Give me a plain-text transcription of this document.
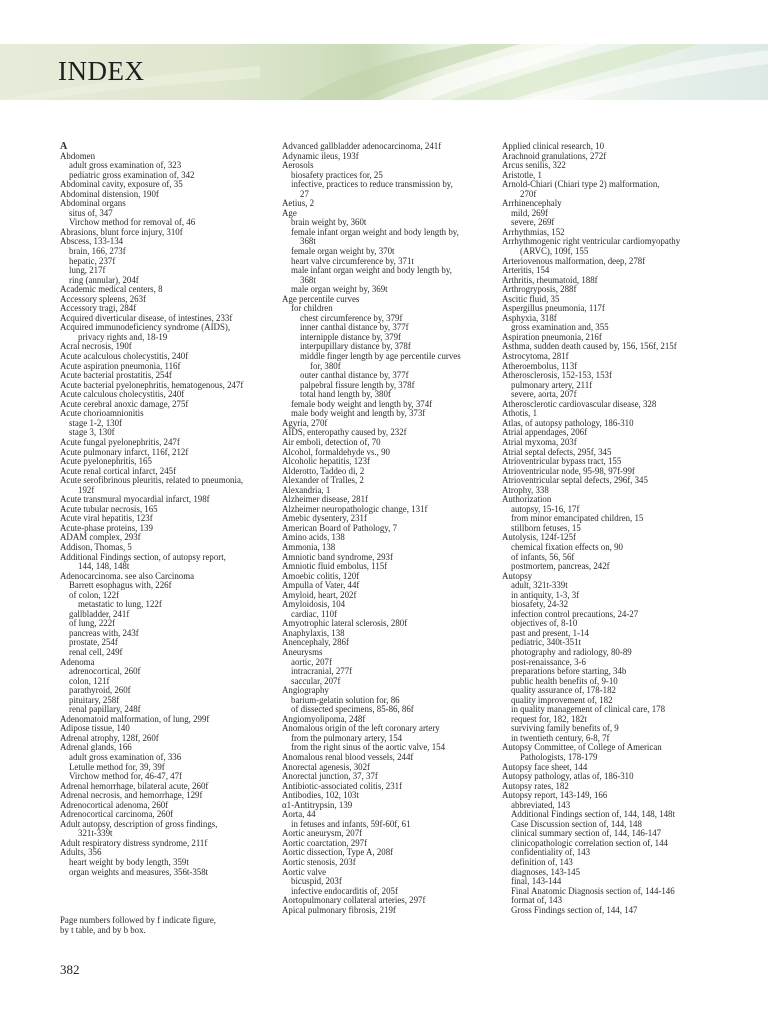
INDEX
A
Abdomen
adult gross examination of, 323
pediatric gross examination of, 342
Abdominal cavity, exposure of, 35
Abdominal distension, 190f
Abdominal organs
situs of, 347
Virchow method for removal of, 46
Abrasions, blunt force injury, 310f
Abscess, 133-134
brain, 166, 273f
hepatic, 237f
lung, 217f
ring (annular), 204f
Academic medical centers, 8
Accessory spleens, 263f
Accessory tragi, 284f
Acquired diverticular disease, of intestines, 233f
Acquired immunodeficiency syndrome (AIDS),
privacy rights and, 18-19
Acral necrosis, 190f
Acute acalculous cholecystitis, 240f
Acute aspiration pneumonia, 116f
Acute bacterial prostatitis, 254f
Acute bacterial pyelonephritis, hematogenous, 247f
Acute calculous cholecystitis, 240f
Acute cerebral anoxic damage, 275f
Acute chorioamnionitis
stage 1-2, 130f
stage 3, 130f
Acute fungal pyelonephritis, 247f
Acute pulmonary infarct, 116f, 212f
Acute pyelonephritis, 165
Acute renal cortical infarct, 245f
Acute serofibrinous pleuritis, related to pneumonia,
192f
Acute transmural myocardial infarct, 198f
Acute tubular necrosis, 165
Acute viral hepatitis, 123f
Acute-phase proteins, 139
ADAM complex, 293f
Addison, Thomas, 5
Additional Findings section, of autopsy report,
144, 148, 148t
Adenocarcinoma. see also Carcinoma
Barrett esophagus with, 226f
of colon, 122f
metastatic to lung, 122f
gallbladder, 241f
of lung, 222f
pancreas with, 243f
prostate, 254f
renal cell, 249f
Adenoma
adrenocortical, 260f
colon, 121f
parathyroid, 260f
pituitary, 258f
renal papillary, 248f
Adenomatoid malformation, of lung, 299f
Adipose tissue, 140
Adrenal atrophy, 128f, 260f
Adrenal glands, 166
adult gross examination of, 336
Letulle method for, 39, 39f
Virchow method for, 46-47, 47f
Adrenal hemorrhage, bilateral acute, 260f
Adrenal necrosis, and hemorrhage, 129f
Adrenocortical adenoma, 260f
Adrenocortical carcinoma, 260f
Adult autopsy, description of gross findings,
321t-339t
Adult respiratory distress syndrome, 211f
Adults, 356
heart weight by body length, 359t
organ weights and measures, 356t-358t
Advanced gallbladder adenocarcinoma, 241f
Adynamic ileus, 193f
Aerosols
biosafety practices for, 25
infective, practices to reduce transmission by,
27
Aetius, 2
Age
brain weight by, 360t
female infant organ weight and body length by,
368t
female organ weight by, 370t
heart valve circumference by, 371t
male infant organ weight and body length by,
368t
male organ weight by, 369t
Age percentile curves
for children
chest circumference by, 379f
inner canthal distance by, 377f
internipple distance by, 379f
interpupillary distance by, 378f
middle finger length by age percentile curves
for, 380f
outer canthal distance by, 377f
palpebral fissure length by, 378f
total hand length by, 380f
female body weight and length by, 374f
male body weight and length by, 373f
Agyria, 270f
AIDS, enteropathy caused by, 232f
Air emboli, detection of, 70
Alcohol, formaldehyde vs., 90
Alcoholic hepatitis, 123f
Alderotto, Taddeo di, 2
Alexander of Tralles, 2
Alexandria, 1
Alzheimer disease, 281f
Alzheimer neuropathologic change, 131f
Amebic dysentery, 231f
American Board of Pathology, 7
Amino acids, 138
Ammonia, 138
Amniotic band syndrome, 293f
Amniotic fluid embolus, 115f
Amoebic colitis, 120f
Ampulla of Vater, 44f
Amyloid, heart, 202f
Amyloidosis, 104
cardiac, 110f
Amyotrophic lateral sclerosis, 280f
Anaphylaxis, 138
Anencephaly, 286f
Aneurysms
aortic, 207f
intracranial, 277f
saccular, 207f
Angiography
barium-gelatin solution for, 86
of dissected specimens, 85-86, 86f
Angiomyolipoma, 248f
Anomalous origin of the left coronary artery
from the pulmonary artery, 154
from the right sinus of the aortic valve, 154
Anomalous renal blood vessels, 244f
Anorectal agenesis, 302f
Anorectal junction, 37, 37f
Antibiotic-associated colitis, 231f
Antibodies, 102, 103t
α1-Antitrypsin, 139
Aorta, 44
in fetuses and infants, 59f-60f, 61
Aortic aneurysm, 207f
Aortic coarctation, 297f
Aortic dissection, Type A, 208f
Aortic stenosis, 203f
Aortic valve
bicuspid, 203f
infective endocarditis of, 205f
Aortopulmonary collateral arteries, 297f
Apical pulmonary fibrosis, 219f
Applied clinical research, 10
Arachnoid granulations, 272f
Arcus senilis, 322
Aristotle, 1
Arnold-Chiari (Chiari type 2) malformation,
270f
Arrhinencephaly
mild, 269f
severe, 269f
Arrhythmias, 152
Arrhythmogenic right ventricular cardiomyopathy
(ARVC), 109f, 155
Arteriovenous malformation, deep, 278f
Arteritis, 154
Arthritis, rheumatoid, 188f
Arthrogryposis, 288f
Ascitic fluid, 35
Aspergillus pneumonia, 117f
Asphyxia, 318f
gross examination and, 355
Aspiration pneumonia, 216f
Asthma, sudden death caused by, 156, 156f, 215f
Astrocytoma, 281f
Atheroembolus, 113f
Atherosclerosis, 152-153, 153f
pulmonary artery, 211f
severe, aorta, 207f
Atherosclerotic cardiovascular disease, 328
Athotis, 1
Atlas, of autopsy pathology, 186-310
Atrial appendages, 206f
Atrial myxoma, 203f
Atrial septal defects, 295f, 345
Atrioventricular bypass tract, 155
Atrioventricular node, 95-98, 97f-99f
Atrioventricular septal defects, 296f, 345
Atrophy, 338
Authorization
autopsy, 15-16, 17f
from minor emancipated children, 15
stillborn fetuses, 15
Autolysis, 124f-125f
chemical fixation effects on, 90
of infants, 56, 56f
postmortem, pancreas, 242f
Autopsy
adult, 321t-339t
in antiquity, 1-3, 3f
biosafety, 24-32
infection control precautions, 24-27
objectives of, 8-10
past and present, 1-14
pediatric, 340t-351t
photography and radiology, 80-89
post-renaissance, 3-6
preparations before starting, 34b
public health benefits of, 9-10
quality assurance of, 178-182
quality improvement of, 182
in quality management of clinical care, 178
request for, 182, 182t
surviving family benefits of, 9
in twentieth century, 6-8, 7f
Autopsy Committee, of College of American
Pathologists, 178-179
Autopsy face sheet, 144
Autopsy pathology, atlas of, 186-310
Autopsy rates, 182
Autopsy report, 143-149, 166
abbreviated, 143
Additional Findings section of, 144, 148, 148t
Case Discussion section of, 144, 148
clinical summary section of, 144, 146-147
clinicopathologic correlation section of, 144
confidentiality of, 143
definition of, 143
diagnoses, 143-145
final, 143-144
Final Anatomic Diagnosis section of, 144-146
format of, 143
Gross Findings section of, 144, 147
Page numbers followed by f indicate figure,
by t table, and by b box.
382
